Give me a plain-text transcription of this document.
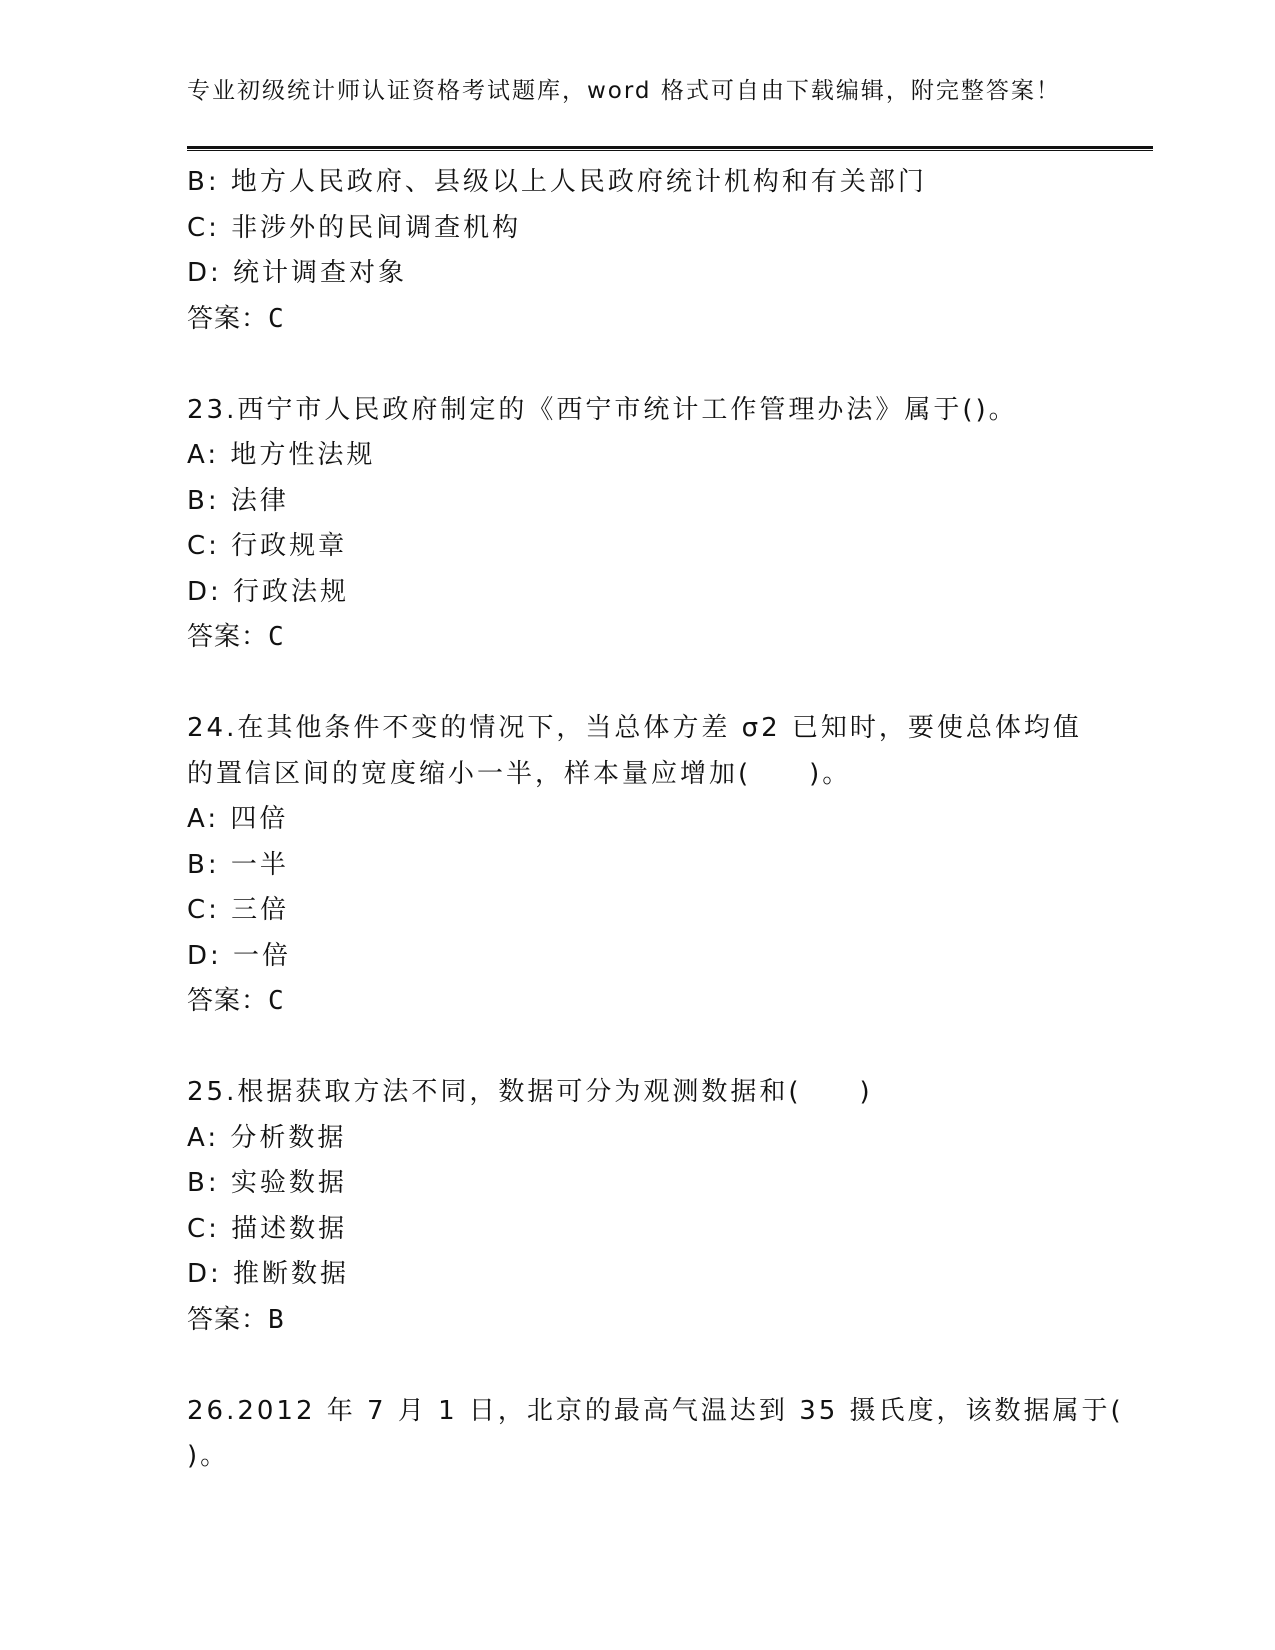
专业初级统计师认证资格考试题库，word 格式可自由下载编辑，附完整答案！
B: 地方人民政府、县级以上人民政府统计机构和有关部门
C: 非涉外的民间调查机构
D: 统计调查对象
答案：C
23.西宁市人民政府制定的《西宁市统计工作管理办法》属于()。
A: 地方性法规
B: 法律
C: 行政规章
D: 行政法规
答案：C
24.在其他条件不变的情况下，当总体方差 σ2 已知时，要使总体均值
的置信区间的宽度缩小一半，样本量应增加(　　)。
A: 四倍
B: 一半
C: 三倍
D: 一倍
答案：C
25.根据获取方法不同，数据可分为观测数据和(　　)
A: 分析数据
B: 实验数据
C: 描述数据
D: 推断数据
答案：B
26.2012 年 7 月 1 日，北京的最高气温达到 35 摄氏度，该数据属于(
)。
